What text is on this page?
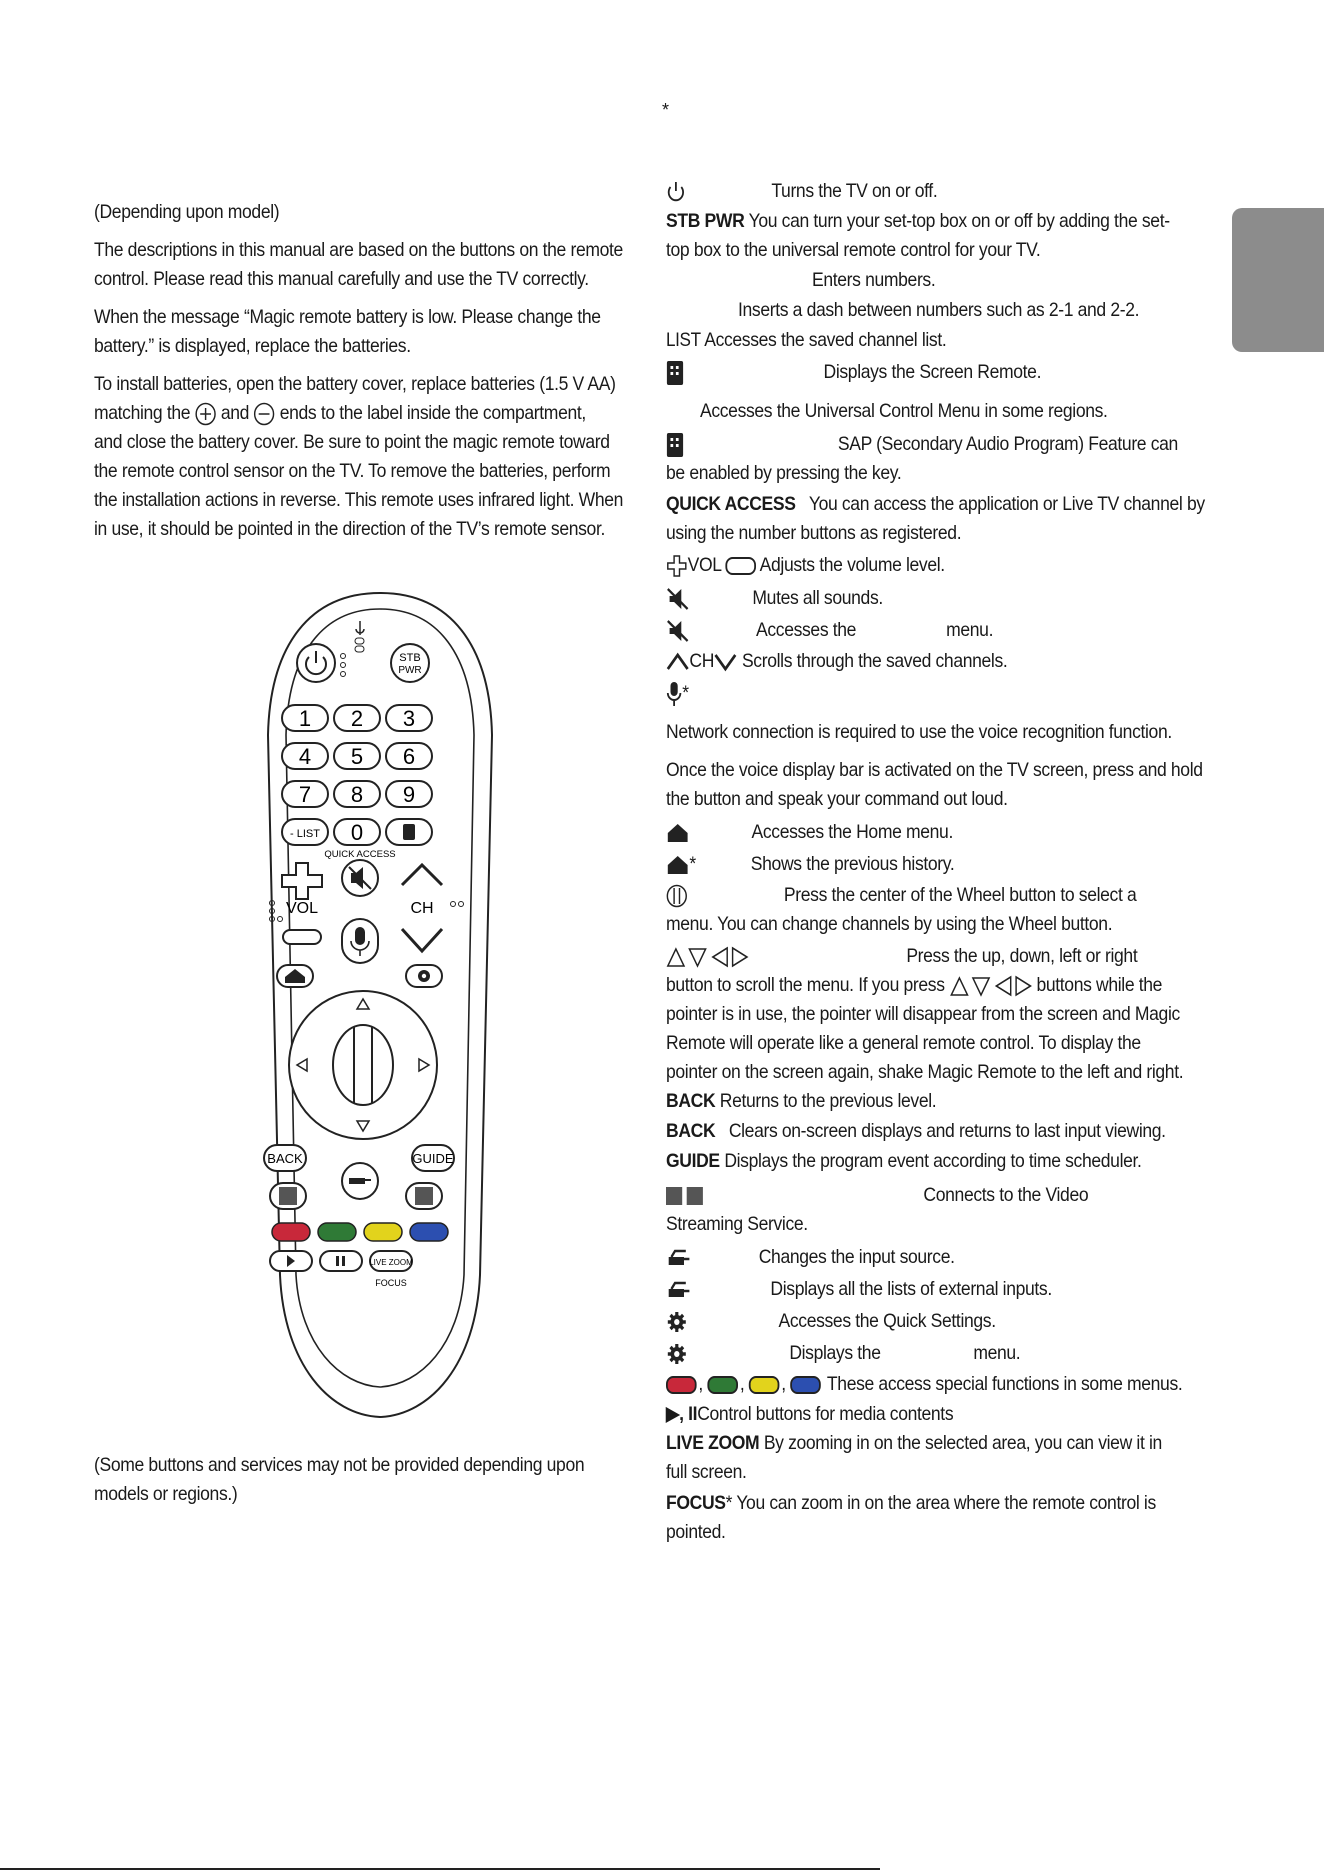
*
(Depending upon model)
The descriptions in this manual are based on the buttons on the remote
control. Please read this manual carefully and use the TV correctly.
When the message “Magic remote battery is low. Please change the
battery.” is displayed, replace the batteries.
To install batteries, open the battery cover, replace batteries (1.5 V AA)
matching the and ends to the label inside the compartment,
and close the battery cover. Be sure to point the magic remote toward
the remote control sensor on the TV. To remove the batteries, perform
the installation actions in reverse. This remote uses infrared light. When
in use, it should be pointed in the direction of the TV’s remote sensor.
STB
PWR
1 2 3
4 5 6
7 8 9
- LIST 0
QUICK ACCESS
VOL	CH
BACK	GUIDE
LIVE ZOOM
FOCUS
(Some buttons and services may not be provided depending upon
models or regions.)
Turns the TV on or off.
STB PWR You can turn your set-top box on or off by adding the set-
top box to the universal remote control for your TV.
Enters numbers.
Inserts a dash between numbers such as 2-1 and 2-2.
LIST Accesses the saved channel list.
Displays the Screen Remote.
Accesses the Universal Control Menu in some regions.
SAP (Secondary Audio Program) Feature can
be enabled by pressing the key.
QUICK ACCESS You can access the application or Live TV channel by
using the number buttons as registered.
VOL Adjusts the volume level.
Mutes all sounds.
Accesses the	menu.
CH Scrolls through the saved channels.
*
Network connection is required to use the voice recognition function.
Once the voice display bar is activated on the TV screen, press and hold
the button and speak your command out loud.
Accesses the Home menu.
*	Shows the previous history.
Press the center of the Wheel button to select a
menu. You can change channels by using the Wheel button.
Press the up, down, left or right
button to scroll the menu. If you press	buttons while the
pointer is in use, the pointer will disappear from the screen and Magic
Remote will operate like a general remote control. To display the
pointer on the screen again, shake Magic Remote to the left and right.
BACK Returns to the previous level.
BACK Clears on-screen displays and returns to last input viewing.
GUIDE Displays the program event according to time scheduler.
Connects to the Video
Streaming Service.
Changes the input source.
Displays all the lists of external inputs.
Accesses the Quick Settings.
Displays the	menu.
, , ,  These access special functions in some menus.
▶, IIControl buttons for media contents
LIVE ZOOM By zooming in on the selected area, you can view it in
full screen.
FOCUS* You can zoom in on the area where the remote control is
pointed.
